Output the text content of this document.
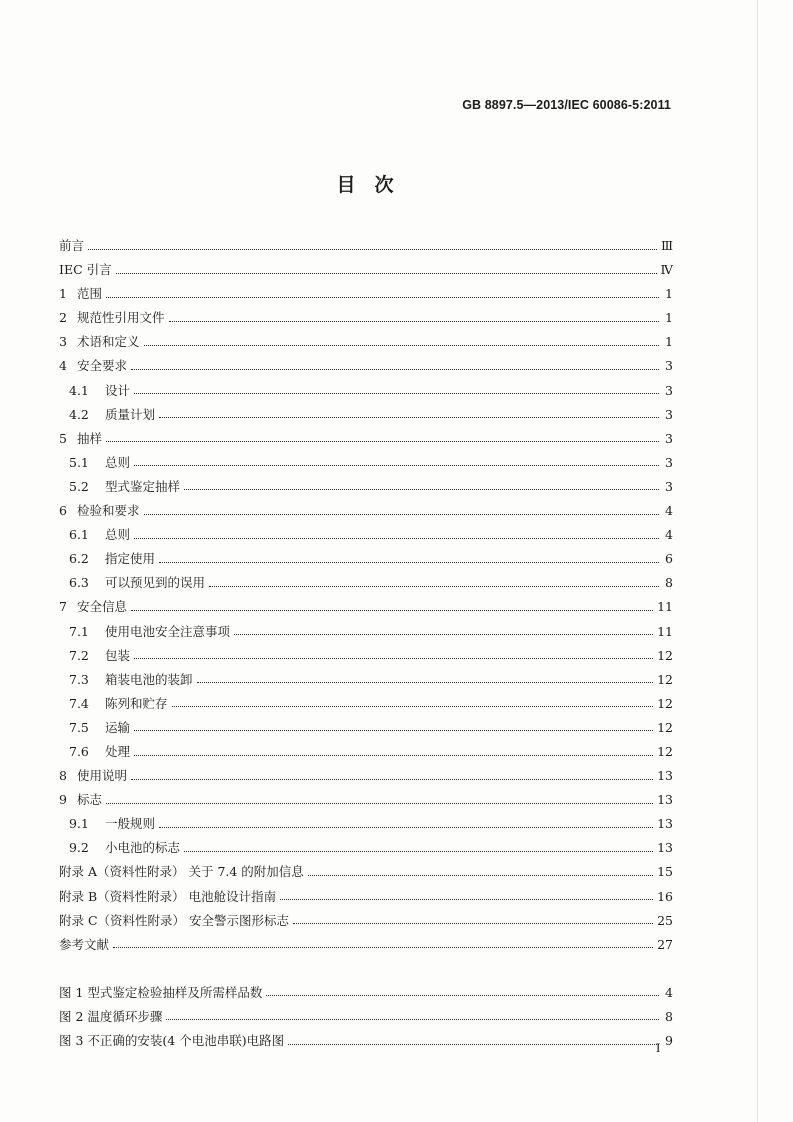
GB 8897.5—2013/IEC 60086-5:2011
目　次
前言	Ⅲ
IEC 引言	Ⅳ
1 范围	1
2 规范性引用文件	1
3 术语和定义	1
4 安全要求	3
4.1 设计	3
4.2 质量计划	3
5 抽样	3
5.1 总则	3
5.2 型式鉴定抽样	3
6 检验和要求	4
6.1 总则	4
6.2 指定使用	6
6.3 可以预见到的误用	8
7 安全信息	11
7.1 使用电池安全注意事项	11
7.2 包装	12
7.3 箱装电池的装卸	12
7.4 陈列和贮存	12
7.5 运输	12
7.6 处理	12
8 使用说明	13
9 标志	13
9.1 一般规则	13
9.2 小电池的标志	13
附录 A（资料性附录） 关于 7.4 的附加信息	15
附录 B（资料性附录） 电池舱设计指南	16
附录 C（资料性附录） 安全警示图形标志	25
参考文献	27
图 1 型式鉴定检验抽样及所需样品数	4
图 2 温度循环步骤	8
图 3 不正确的安装(4 个电池串联)电路图	9
I
